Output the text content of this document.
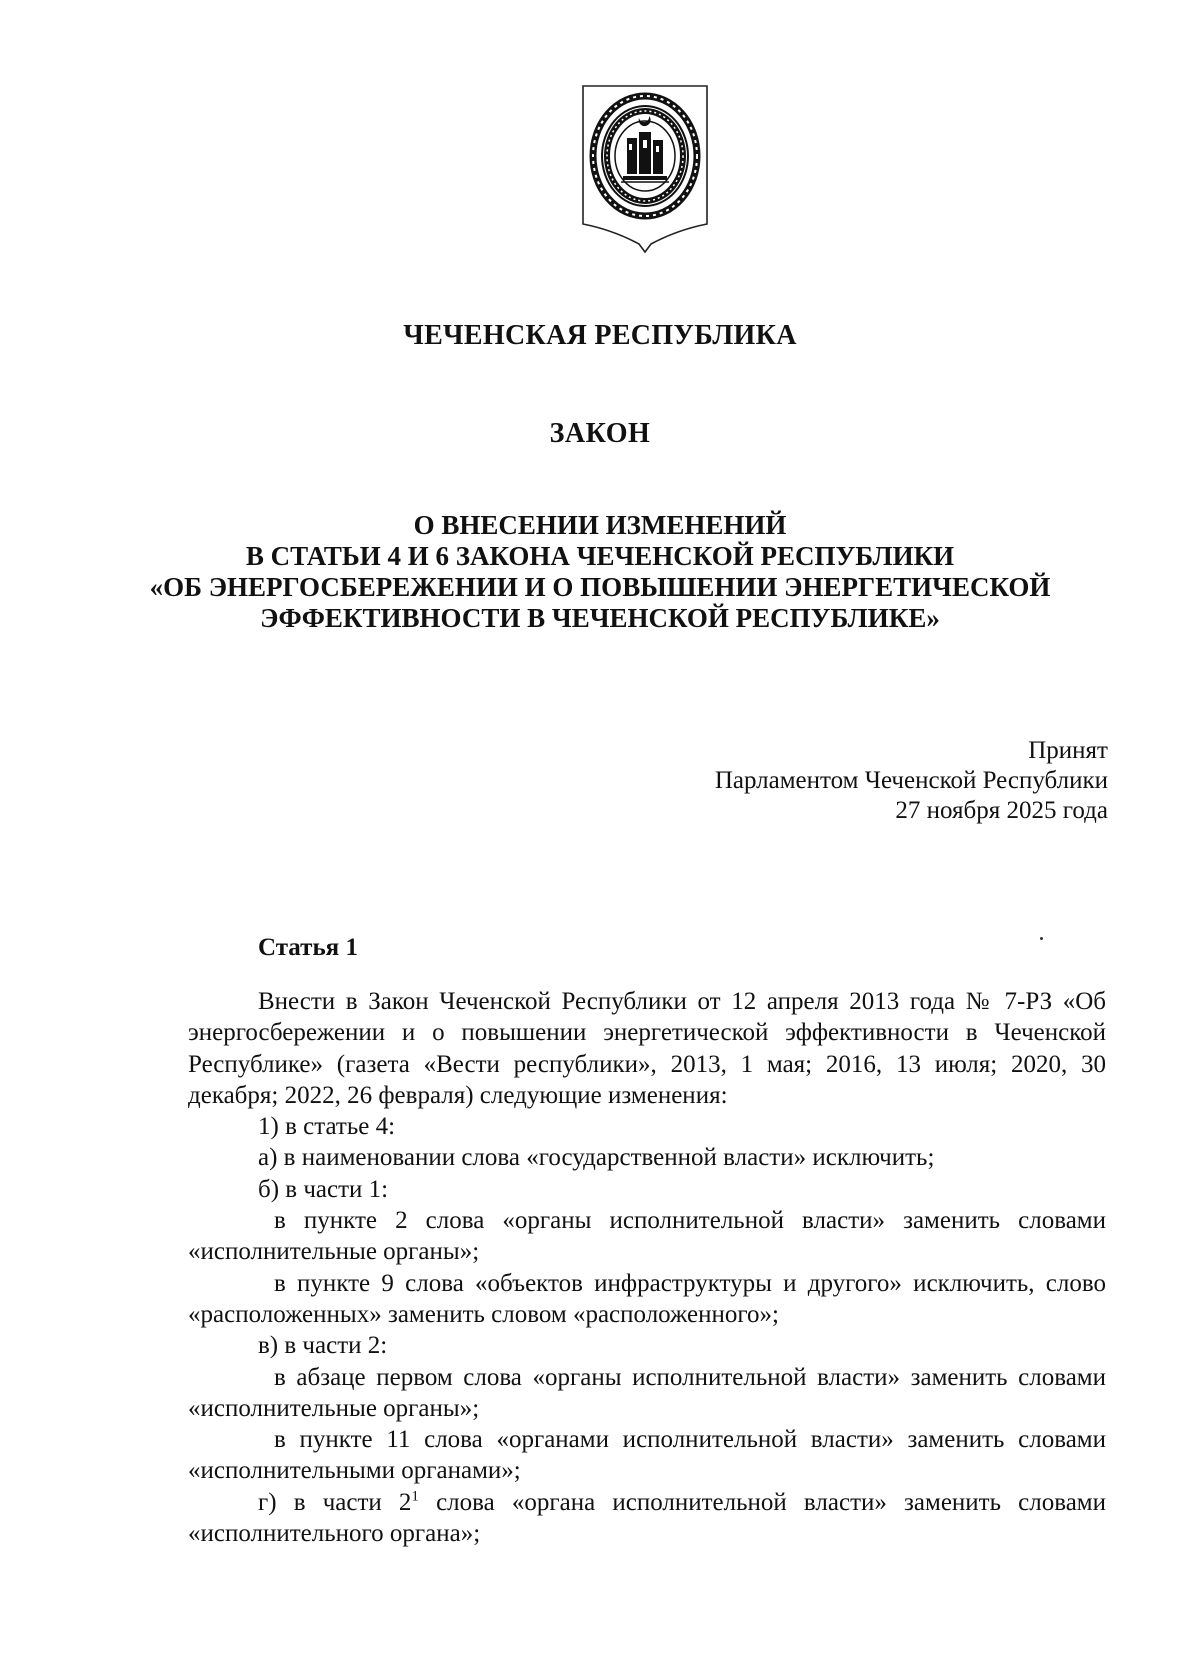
ЧЕЧЕНСКАЯ РЕСПУБЛИКА
ЗАКОН
О ВНЕСЕНИИ ИЗМЕНЕНИЙ
В СТАТЬИ 4 И 6 ЗАКОНА ЧЕЧЕНСКОЙ РЕСПУБЛИКИ
«ОБ ЭНЕРГОСБЕРЕЖЕНИИ И О ПОВЫШЕНИИ ЭНЕРГЕТИЧЕСКОЙ
ЭФФЕКТИВНОСТИ В ЧЕЧЕНСКОЙ РЕСПУБЛИКЕ»
Принят
Парламентом Чеченской Республики
27 ноября 2025 года
Статья 1

Внести в Закон Чеченской Республики от 12 апреля 2013 года № 7-РЗ «Об энергосбережении и о повышении энергетической эффективности в Чеченской Республике» (газета «Вести республики», 2013, 1 мая; 2016, 13 июля; 2020, 30 декабря; 2022, 26 февраля) следующие изменения:

1) в статье 4:

а) в наименовании слова «государственной власти» исключить;

б) в части 1:

в пункте 2 слова «органы исполнительной власти» заменить словами «исполнительные органы»;

в пункте 9 слова «объектов инфраструктуры и другого» исключить, слово «расположенных» заменить словом «расположенного»;

в) в части 2:

в абзаце первом слова «органы исполнительной власти» заменить словами «исполнительные органы»;

в пункте 11 слова «органами исполнительной власти» заменить словами «исполнительными органами»;

г) в части $2^1$ слова «органа исполнительной власти» заменить словами «исполнительного органа»;
